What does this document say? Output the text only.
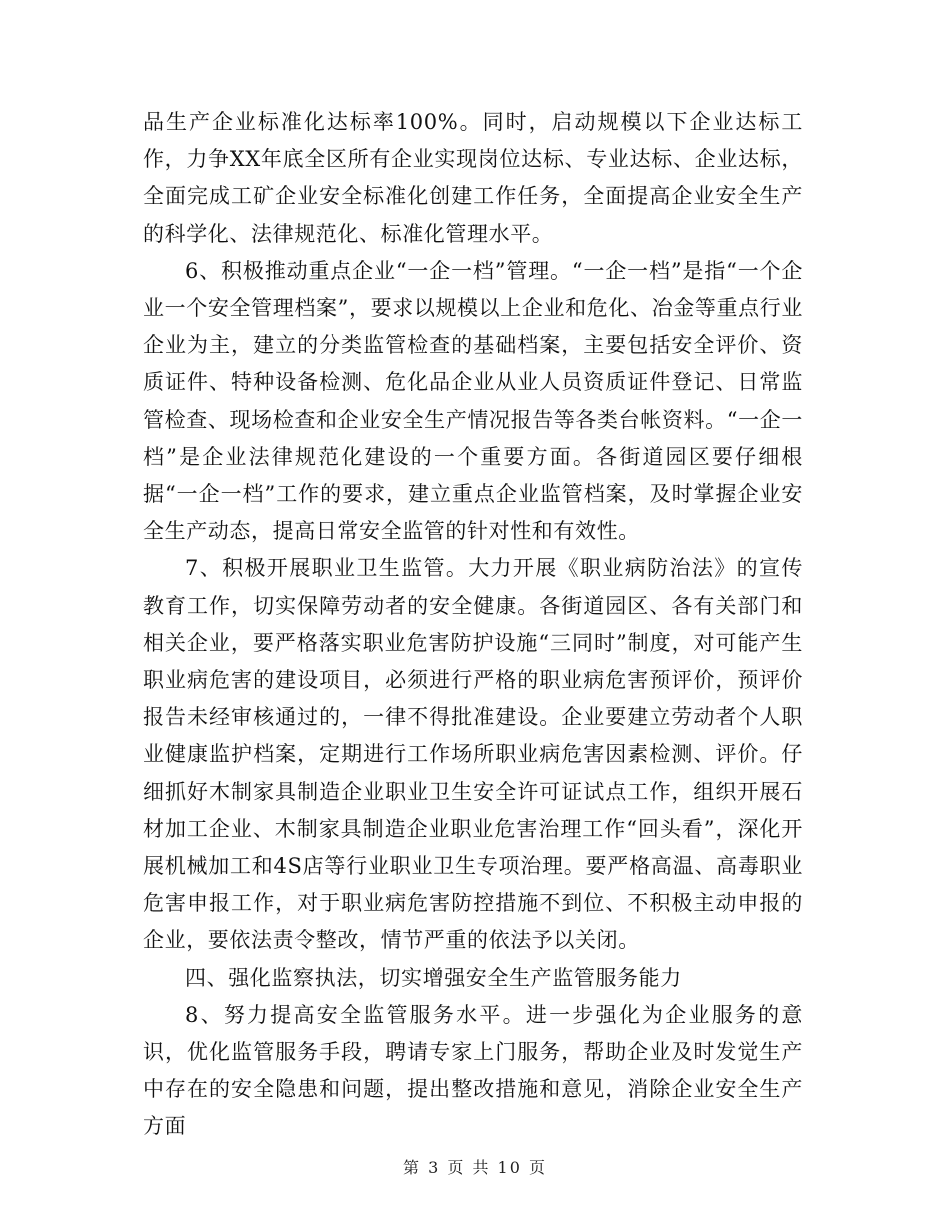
品生产企业标准化达标率100%。同时，启动规模以下企业达标工作，力争XX年底全区所有企业实现岗位达标、专业达标、企业达标，全面完成工矿企业安全标准化创建工作任务，全面提高企业安全生产的科学化、法律规范化、标准化管理水平。

6、积极推动重点企业“一企一档”管理。“一企一档”是指“一个企业一个安全管理档案”，要求以规模以上企业和危化、冶金等重点行业企业为主，建立的分类监管检查的基础档案，主要包括安全评价、资质证件、特种设备检测、危化品企业从业人员资质证件登记、日常监管检查、现场检查和企业安全生产情况报告等各类台帐资料。“一企一档”是企业法律规范化建设的一个重要方面。各街道园区要仔细根据“一企一档”工作的要求，建立重点企业监管档案，及时掌握企业安全生产动态，提高日常安全监管的针对性和有效性。

7、积极开展职业卫生监管。大力开展《职业病防治法》的宣传教育工作，切实保障劳动者的安全健康。各街道园区、各有关部门和相关企业，要严格落实职业危害防护设施“三同时”制度，对可能产生职业病危害的建设项目，必须进行严格的职业病危害预评价，预评价报告未经审核通过的，一律不得批准建设。企业要建立劳动者个人职业健康监护档案，定期进行工作场所职业病危害因素检测、评价。仔细抓好木制家具制造企业职业卫生安全许可证试点工作，组织开展石材加工企业、木制家具制造企业职业危害治理工作“回头看”，深化开展机械加工和4S店等行业职业卫生专项治理。要严格高温、高毒职业危害申报工作，对于职业病危害防控措施不到位、不积极主动申报的企业，要依法责令整改，情节严重的依法予以关闭。

四、强化监察执法，切实增强安全生产监管服务能力

8、努力提高安全监管服务水平。进一步强化为企业服务的意识，优化监管服务手段，聘请专家上门服务，帮助企业及时发觉生产中存在的安全隐患和问题，提出整改措施和意见，消除企业安全生产方面

第 3 页 共 10 页
